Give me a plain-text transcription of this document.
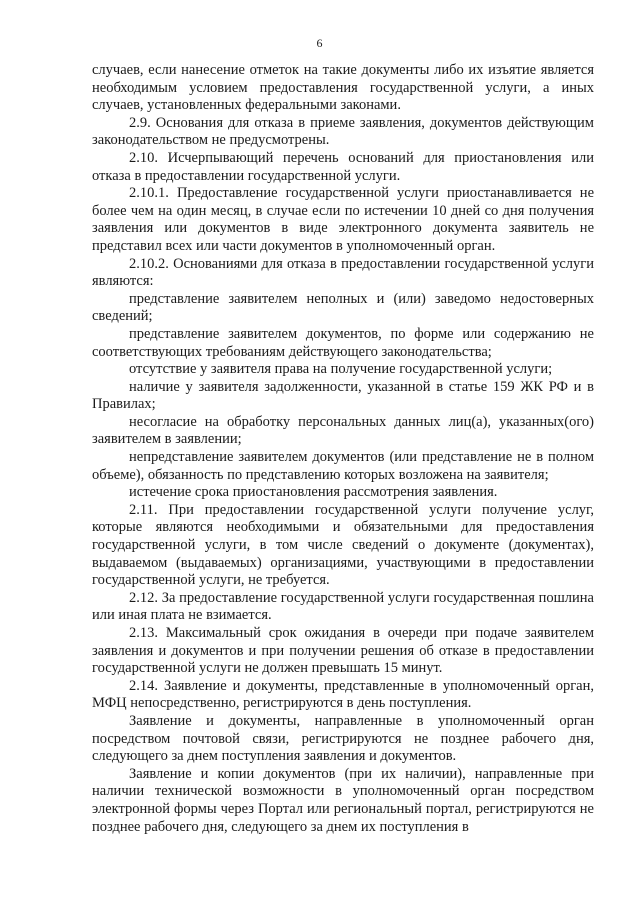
6

случаев, если нанесение отметок на такие документы либо их изъятие является необходимым условием предоставления государственной услуги, а иных случаев, установленных федеральными законами.

2.9. Основания для отказа в приеме заявления, документов действующим законодательством не предусмотрены.

2.10. Исчерпывающий перечень оснований для приостановления или отказа в предоставлении государственной услуги.

2.10.1. Предоставление государственной услуги приостанавливается не более чем на один месяц, в случае если по истечении 10 дней со дня получения заявления или документов в виде электронного документа заявитель не представил всех или части документов в уполномоченный орган.

2.10.2. Основаниями для отказа в предоставлении государственной услуги являются:

представление заявителем неполных и (или) заведомо недостоверных сведений;

представление заявителем документов, по форме или содержанию не соответствующих требованиям действующего законодательства;

отсутствие у заявителя права на получение государственной услуги;

наличие у заявителя задолженности, указанной в статье 159 ЖК РФ и в Правилах;

несогласие на обработку персональных данных лиц(а), указанных(ого) заявителем в заявлении;

непредставление заявителем документов (или представление не в полном объеме), обязанность по представлению которых возложена на заявителя;

истечение срока приостановления рассмотрения заявления.

2.11. При предоставлении государственной услуги получение услуг, которые являются необходимыми и обязательными для предоставления государственной услуги, в том числе сведений о документе (документах), выдаваемом (выдаваемых) организациями, участвующими в предоставлении государственной услуги, не требуется.

2.12. За предоставление государственной услуги государственная пошлина или иная плата не взимается.

2.13. Максимальный срок ожидания в очереди при подаче заявителем заявления и документов и при получении решения об отказе в предоставлении государственной услуги не должен превышать 15 минут.

2.14. Заявление и документы, представленные в уполномоченный орган, МФЦ непосредственно, регистрируются в день поступления.

Заявление и документы, направленные в уполномоченный орган посредством почтовой связи, регистрируются не позднее рабочего дня, следующего за днем поступления заявления и документов.

Заявление и копии документов (при их наличии), направленные при наличии технической возможности в уполномоченный орган посредством электронной формы через Портал или региональный портал, регистрируются не позднее рабочего дня, следующего за днем их поступления в
